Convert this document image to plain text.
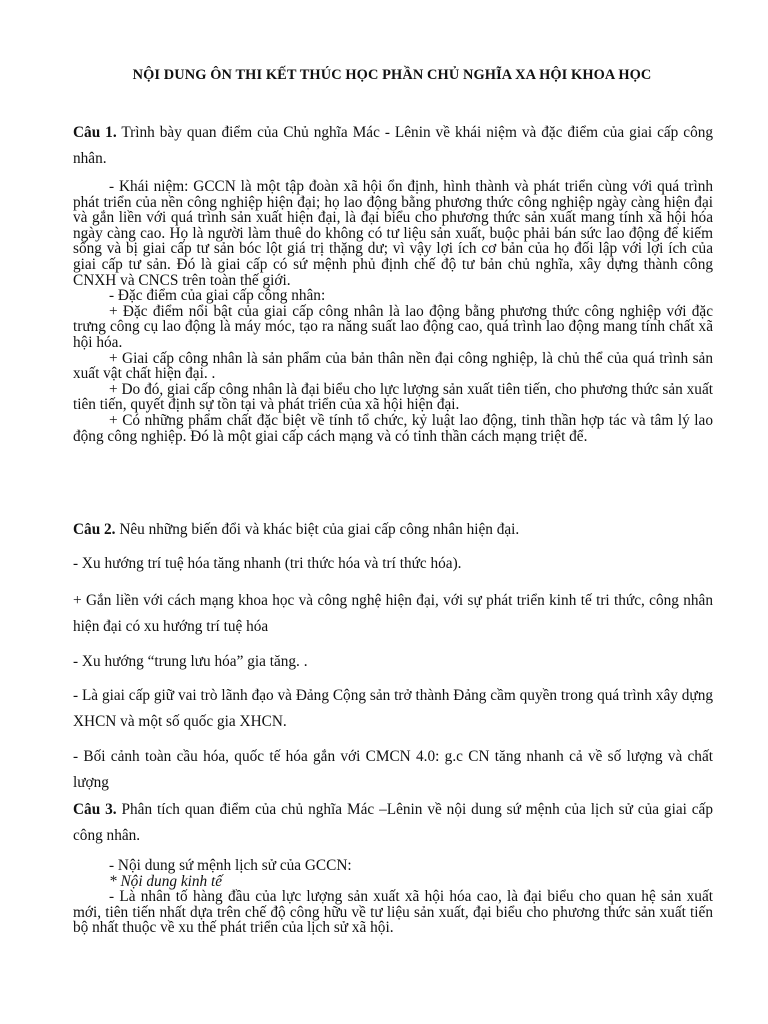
NỘI DUNG ÔN THI KẾT THÚC HỌC PHẦN CHỦ NGHĨA XA HỘI KHOA HỌC
Câu 1. Trình bày quan điểm của Chủ nghĩa Mác - Lênin về khái niệm và đặc điểm của giai cấp công nhân.

- Khái niệm: GCCN là một tập đoàn xã hội ổn định, hình thành và phát triển cùng với quá trình phát triển của nền công nghiệp hiện đại; họ lao động bằng phương thức công nghiệp ngày càng hiện đại và gắn liền với quá trình sản xuất hiện đại, là đại biểu cho phương thức sản xuất mang tính xã hội hóa ngày càng cao. Họ là người làm thuê do không có tư liệu sản xuất, buộc phải bán sức lao động để kiếm sống và bị giai cấp tư sản bóc lột giá trị thặng dư; vì vậy lợi ích cơ bản của họ đối lập với lợi ích của giai cấp tư sản. Đó là giai cấp có sứ mệnh phủ định chế độ tư bản chủ nghĩa, xây dựng thành công CNXH và CNCS trên toàn thế giới.

- Đặc điểm của giai cấp công nhân:

+ Đặc điểm nổi bật của giai cấp công nhân là lao động bằng phương thức công nghiệp với đặc trưng công cụ lao động là máy móc, tạo ra năng suất lao động cao, quá trình lao động mang tính chất xã hội hóa.

+ Giai cấp công nhân là sản phẩm của bản thân nền đại công nghiệp, là chủ thể của quá trình sản xuất vật chất hiện đại. .

+ Do đó, giai cấp công nhân là đại biểu cho lực lượng sản xuất tiên tiến, cho phương thức sản xuất tiên tiến, quyết định sự tồn tại và phát triển của xã hội hiện đại.

+ Có những phẩm chất đặc biệt về tính tổ chức, kỷ luật lao động, tinh thần hợp tác và tâm lý lao động công nghiệp. Đó là một giai cấp cách mạng và có tinh thần cách mạng triệt để.

Câu 2. Nêu những biến đổi và khác biệt của giai cấp công nhân hiện đại.
- Xu hướng trí tuệ hóa tăng nhanh (tri thức hóa và trí thức hóa).
+ Gắn liền với cách mạng khoa học và công nghệ hiện đại, với sự phát triển kinh tế tri thức, công nhân hiện đại có xu hướng trí tuệ hóa
- Xu hướng “trung lưu hóa” gia tăng. .
- Là giai cấp giữ vai trò lãnh đạo và Đảng Cộng sản trở thành Đảng cầm quyền trong quá trình xây dựng XHCN và một số quốc gia XHCN.
- Bối cảnh toàn cầu hóa, quốc tế hóa gắn với CMCN 4.0: g.c CN tăng nhanh cả về số lượng và chất lượng
Câu 3. Phân tích quan điểm của chủ nghĩa Mác –Lênin về nội dung sứ mệnh của lịch sử của giai cấp công nhân.

- Nội dung sứ mệnh lịch sử của GCCN:

* Nội dung kinh tế

- Là nhân tố hàng đầu của lực lượng sản xuất xã hội hóa cao, là đại biểu cho quan hệ sản xuất mới, tiên tiến nhất dựa trên chế độ công hữu về tư liệu sản xuất, đại biểu cho phương thức sản xuất tiến bộ nhất thuộc về xu thế phát triển của lịch sử xã hội.
